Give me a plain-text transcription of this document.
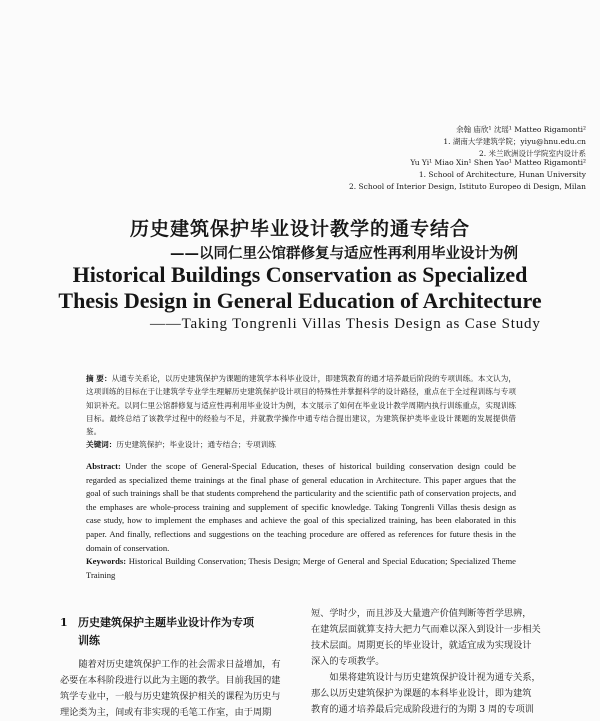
余翰 庙欣¹ 沈瑶¹ Matteo Rigamonti²
1. 湖南大学建筑学院；yiyu@hnu.edu.cn
2. 米兰欧洲设计学院室内设计系
Yu Yi¹ Miao Xin¹ Shen Yao¹ Matteo Rigamonti²
1. School of Architecture, Hunan University
2. School of Interior Design, Istituto Europeo di Design, Milan
历史建筑保护毕业设计教学的通专结合
——以同仁里公馆群修复与适应性再利用毕业设计为例
Historical Buildings Conservation as Specialized
Thesis Design in General Education of Architecture
——Taking Tongrenli Villas Thesis Design as Case Study

摘 要：从通专关系论，以历史建筑保护为课题的建筑学本科毕业设计，即建筑教育的通才培养最后阶段的专项训练。本文认为，这项训练的目标在于让建筑学专业学生理解历史建筑保护设计项目的特殊性并掌握科学的设计路径，重点在于全过程训练与专项知识补充。以同仁里公馆群修复与适应性再利用毕业设计为例，本文展示了如何在毕业设计教学周期内执行训练重点，实现训练目标。最终总结了该教学过程中的经验与不足，并就教学操作中通专结合提出建议，为建筑保护类毕业设计课题的发展提供借鉴。

关键词：历史建筑保护；毕业设计；通专结合；专项训练

Abstract: Under the scope of General-Special Education, theses of historical building conservation design could be regarded as specialized theme trainings at the final phase of general education in Architecture. This paper argues that the goal of such trainings shall be that students comprehend the particularity and the scientific path of conservation projects, and the emphases are whole-process training and supplement of specific knowledge. Taking Tongrenli Villas thesis design as case study, how to implement the emphases and achieve the goal of this specialized training, has been elaborated in this paper. And finally, reflections and suggestions on the teaching procedure are offered as references for future thesis in the domain of conservation.

Keywords: Historical Building Conservation; Thesis Design; Merge of General and Special Education; Specialized Theme Training

1 历史建筑保护主题毕业设计作为专项
训练
随着对历史建筑保护工作的社会需求日益增加，有
必要在本科阶段进行以此为主题的教学。目前我国的建
筑学专业中，一般与历史建筑保护相关的课程为历史与
理论类为主，间或有非实现的毛笔工作室，由于周期
短、学时少，而且涉及大量遗产价值判断等哲学思辨，
在建筑层面就算支持大把力气而难以深入到设计一步相关
技术层面。周期更长的毕业设计，就适宜成为实现设计
深入的专项教学。
如果将建筑设计与历史建筑保护设计视为通专关系，
那么以历史建筑保护为课题的本科毕业设计，即为建筑
教育的通才培养最后完成阶段进行的为期 3 周的专项训
